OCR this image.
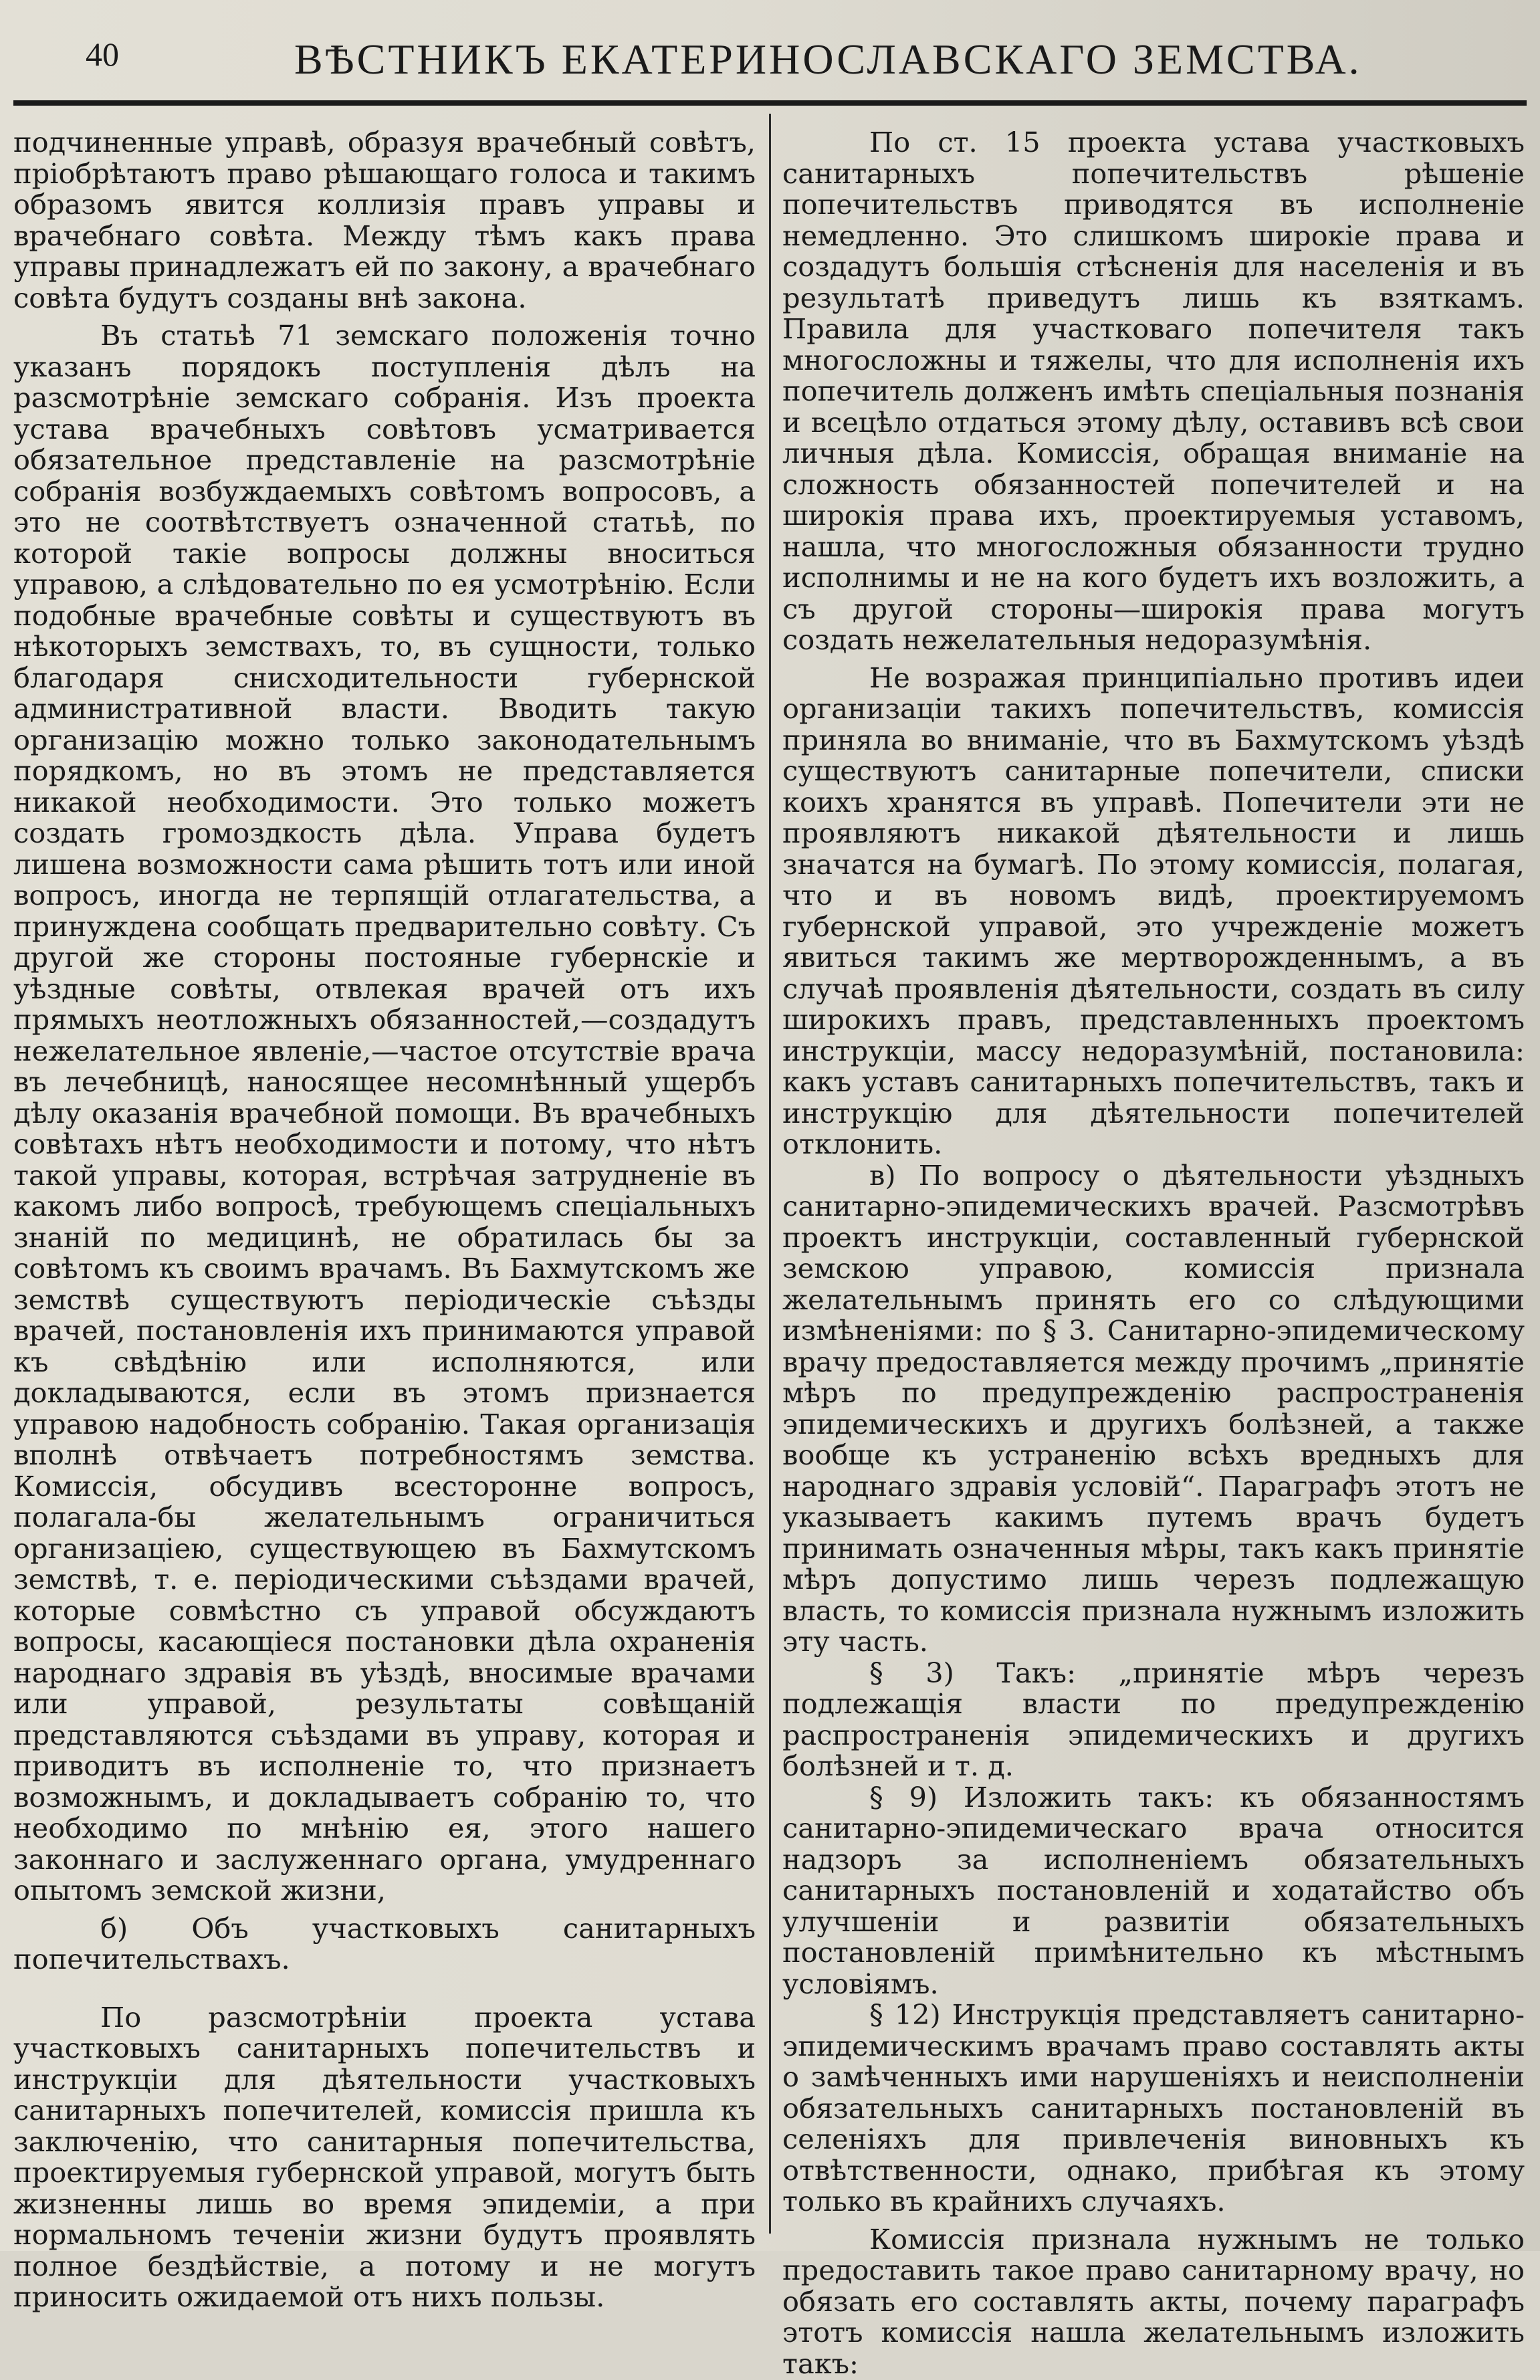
40	ВѢСТНИКЪ ЕКАТЕРИНОСЛАВСКАГО ЗЕМСТВА.

подчиненные управѣ, образуя врачебный совѣтъ, пріобрѣтаютъ право рѣшающаго голоса и такимъ образомъ явится коллизія правъ управы и врачебнаго совѣта. Между тѣмъ какъ права управы принадлежатъ ей по закону, а врачебнаго совѣта будутъ созданы внѣ закона.

Въ статьѣ 71 земскаго положенія точно указанъ порядокъ поступленія дѣлъ на разсмотрѣніе земскаго собранія. Изъ проекта устава врачебныхъ совѣтовъ усматривается обязательное представленіе на разсмотрѣніе собранія возбуждаемыхъ совѣтомъ вопросовъ, а это не соотвѣтствуетъ означенной статьѣ, по которой такіе вопросы должны вноситься управою, а слѣдовательно по ея усмотрѣнію. Если подобные врачебные совѣты и существуютъ въ нѣкоторыхъ земствахъ, то, въ сущности, только благодаря снисходительности губернской административной власти. Вводить такую организацію можно только законодательнымъ порядкомъ, но въ этомъ не представляется никакой необходимости. Это только можетъ создать громоздкость дѣла. Управа будетъ лишена возможности сама рѣшить тотъ или иной вопросъ, иногда не терпящій отлагательства, а принуждена сообщать предварительно совѣту. Съ другой же стороны постояные губернскіе и уѣздные совѣты, отвлекая врачей отъ ихъ прямыхъ неотложныхъ обязанностей,—создадутъ нежелательное явленіе,—частое отсутствіе врача въ лечебницѣ, наносящее несомнѣнный ущербъ дѣлу оказанія врачебной помощи. Въ врачебныхъ совѣтахъ нѣтъ необходимости и потому, что нѣтъ такой управы, которая, встрѣчая затрудненіе въ какомъ либо вопросѣ, требующемъ спеціальныхъ знаній по медицинѣ, не обратилась бы за совѣтомъ къ своимъ врачамъ. Въ Бахмутскомъ же земствѣ существуютъ періодическіе съѣзды врачей, постановленія ихъ принимаются управой къ свѣдѣнію или исполняются, или докладываются, если въ этомъ признается управою надобность собранію. Такая организація вполнѣ отвѣчаетъ потребностямъ земства. Комиссія, обсудивъ всесторонне вопросъ, полагала-бы желательнымъ ограничиться организаціею, существующею въ Бахмутскомъ земствѣ, т. е. періодическими съѣздами врачей, которые совмѣстно съ управой обсуждаютъ вопросы, касающіеся постановки дѣла охраненія народнаго здравія въ уѣздѣ, вносимые врачами или управой, результаты совѣщаній представляются съѣздами въ управу, которая и приводитъ въ исполненіе то, что признаетъ возможнымъ, и докладываетъ собранію то, что необходимо по мнѣнію ея, этого нашего законнаго и заслуженнаго органа, умудреннаго опытомъ земской жизни,

б) Объ участковыхъ санитарныхъ попечительствахъ.

По разсмотрѣніи проекта устава участковыхъ санитарныхъ попечительствъ и инструкціи для дѣятельности участковыхъ санитарныхъ попечителей, комиссія пришла къ заключенію, что санитарныя попечительства, проектируемыя губернской управой, могутъ быть жизненны лишь во время эпидеміи, а при нормальномъ теченіи жизни будутъ проявлять полное бездѣйствіе, а потому и не могутъ приносить ожидаемой отъ нихъ пользы.

По ст. 15 проекта устава участковыхъ санитарныхъ попечительствъ рѣшеніе попечительствъ приводятся въ исполненіе немедленно. Это слишкомъ широкіе права и создадутъ большія стѣсненія для населенія и въ результатѣ приведутъ лишь къ взяткамъ. Правила для участковаго попечителя такъ многосложны и тяжелы, что для исполненія ихъ попечитель долженъ имѣть спеціальныя познанія и всецѣло отдаться этому дѣлу, оставивъ всѣ свои личныя дѣла. Комиссія, обращая вниманіе на сложность обязанностей попечителей и на широкія права ихъ, проектируемыя уставомъ, нашла, что многосложныя обязанности трудно исполнимы и не на кого будетъ ихъ возложить, а съ другой стороны—широкія права могутъ создать нежелательныя недоразумѣнія.

Не возражая принципіально противъ идеи организаціи такихъ попечительствъ, комиссія приняла во вниманіе, что въ Бахмутскомъ уѣздѣ существуютъ санитарные попечители, списки коихъ хранятся въ управѣ. Попечители эти не проявляютъ никакой дѣятельности и лишь значатся на бумагѣ. По этому комиссія, полагая, что и въ новомъ видѣ, проектируемомъ губернской управой, это учрежденіе можетъ явиться такимъ же мертворожденнымъ, а въ случаѣ проявленія дѣятельности, создать въ силу широкихъ правъ, представленныхъ проектомъ инструкціи, массу недоразумѣній, постановила: какъ уставъ санитарныхъ попечительствъ, такъ и инструкцію для дѣятельности попечителей отклонить.

в) По вопросу о дѣятельности уѣздныхъ санитарно-эпидемическихъ врачей. Разсмотрѣвъ проектъ инструкціи, составленный губернской земскою управою, комиссія признала желательнымъ принять его со слѣдующими измѣненіями: по § 3. Санитарно-эпидемическому врачу предоставляется между прочимъ „принятіе мѣръ по предупрежденію распространенія эпидемическихъ и другихъ болѣзней, а также вообще къ устраненію всѣхъ вредныхъ для народнаго здравія условій“. Параграфъ этотъ не указываетъ какимъ путемъ врачъ будетъ принимать означенныя мѣры, такъ какъ принятіе мѣръ допустимо лишь черезъ подлежащую власть, то комиссія признала нужнымъ изложить эту часть.

§ 3) Такъ: „принятіе мѣръ черезъ подлежащія власти по предупрежденію распространенія эпидемическихъ и другихъ болѣзней и т. д.

§ 9) Изложить такъ: къ обязанностямъ санитарно-эпидемическаго врача относится надзоръ за исполненіемъ обязательныхъ санитарныхъ постановленій и ходатайство объ улучшеніи и развитіи обязательныхъ постановленій примѣнительно къ мѣстнымъ условіямъ.

§ 12) Инструкція представляетъ санитарно-эпидемическимъ врачамъ право составлять акты о замѣченныхъ ими нарушеніяхъ и неисполненіи обязательныхъ санитарныхъ постановленій въ селеніяхъ для привлеченія виновныхъ къ отвѣтственности, однако, прибѣгая къ этому только въ крайнихъ случаяхъ.

Комиссія признала нужнымъ не только предоставить такое право санитарному врачу, но обязать его составлять акты, почему параграфъ этотъ комиссія нашла желательнымъ изложить такъ:
